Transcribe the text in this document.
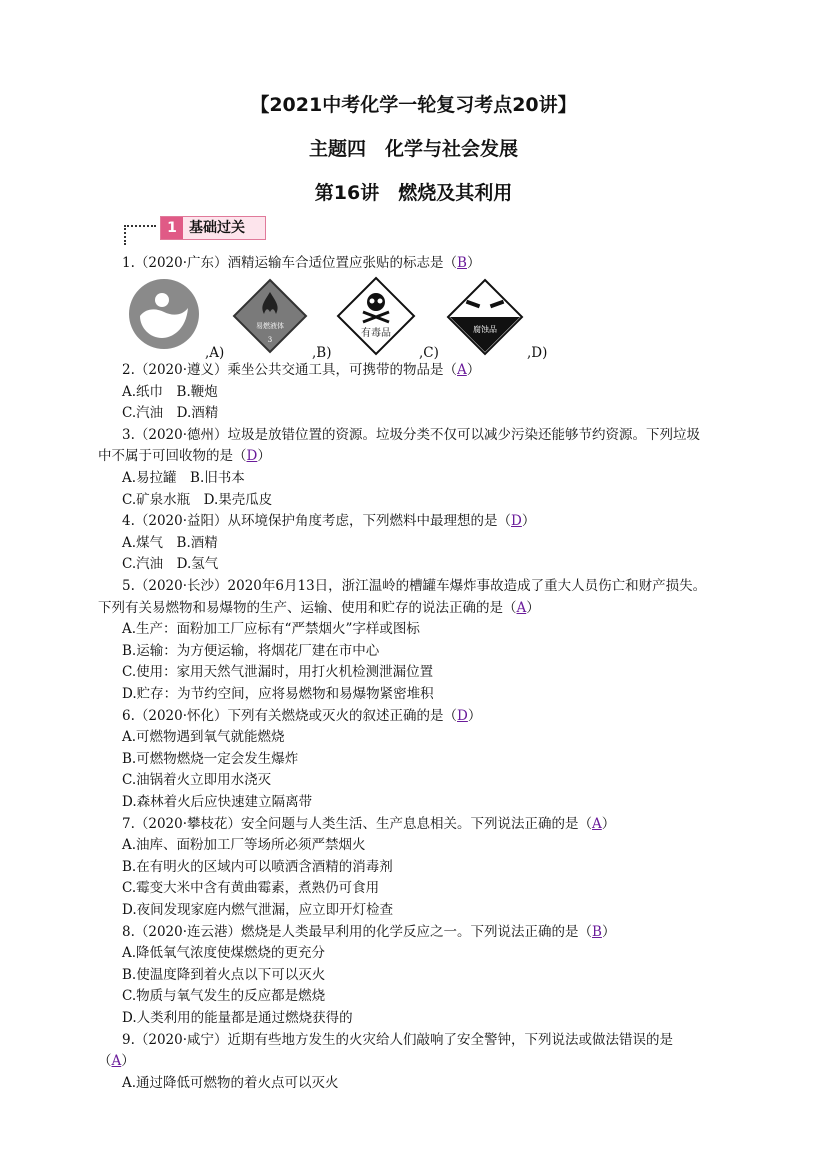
【2021中考化学一轮复习考点20讲】
主题四　化学与社会发展
第16讲　燃烧及其利用
1 基础过关
1.（2020·广东）酒精运输车合适位置应张贴的标志是（B）
易燃液体
3
有毒品	腐蚀品
,A)	,B)	,C)	,D)
2.（2020·遵义）乘坐公共交通工具，可携带的物品是（A）
A.纸巾　B.鞭炮
C.汽油　D.酒精
3.（2020·德州）垃圾是放错位置的资源。垃圾分类不仅可以减少污染还能够节约资源。下列垃圾
中不属于可回收物的是（D）
A.易拉罐　B.旧书本
C.矿泉水瓶　D.果壳瓜皮
4.（2020·益阳）从环境保护角度考虑，下列燃料中最理想的是（D）
A.煤气　B.酒精
C.汽油　D.氢气
5.（2020·长沙）2020年6月13日，浙江温岭的槽罐车爆炸事故造成了重大人员伤亡和财产损失。
下列有关易燃物和易爆物的生产、运输、使用和贮存的说法正确的是（A）
A.生产：面粉加工厂应标有“严禁烟火”字样或图标
B.运输：为方便运输，将烟花厂建在市中心
C.使用：家用天然气泄漏时，用打火机检测泄漏位置
D.贮存：为节约空间，应将易燃物和易爆物紧密堆积
6.（2020·怀化）下列有关燃烧或灭火的叙述正确的是（D）
A.可燃物遇到氧气就能燃烧
B.可燃物燃烧一定会发生爆炸
C.油锅着火立即用水浇灭
D.森林着火后应快速建立隔离带
7.（2020·攀枝花）安全问题与人类生活、生产息息相关。下列说法正确的是（A）
A.油库、面粉加工厂等场所必须严禁烟火
B.在有明火的区域内可以喷洒含酒精的消毒剂
C.霉变大米中含有黄曲霉素，煮熟仍可食用
D.夜间发现家庭内燃气泄漏，应立即开灯检查
8.（2020·连云港）燃烧是人类最早利用的化学反应之一。下列说法正确的是（B）
A.降低氧气浓度使煤燃烧的更充分
B.使温度降到着火点以下可以灭火
C.物质与氧气发生的反应都是燃烧
D.人类利用的能量都是通过燃烧获得的
9.（2020·咸宁）近期有些地方发生的火灾给人们敲响了安全警钟，下列说法或做法错误的是
（A）
A.通过降低可燃物的着火点可以灭火
